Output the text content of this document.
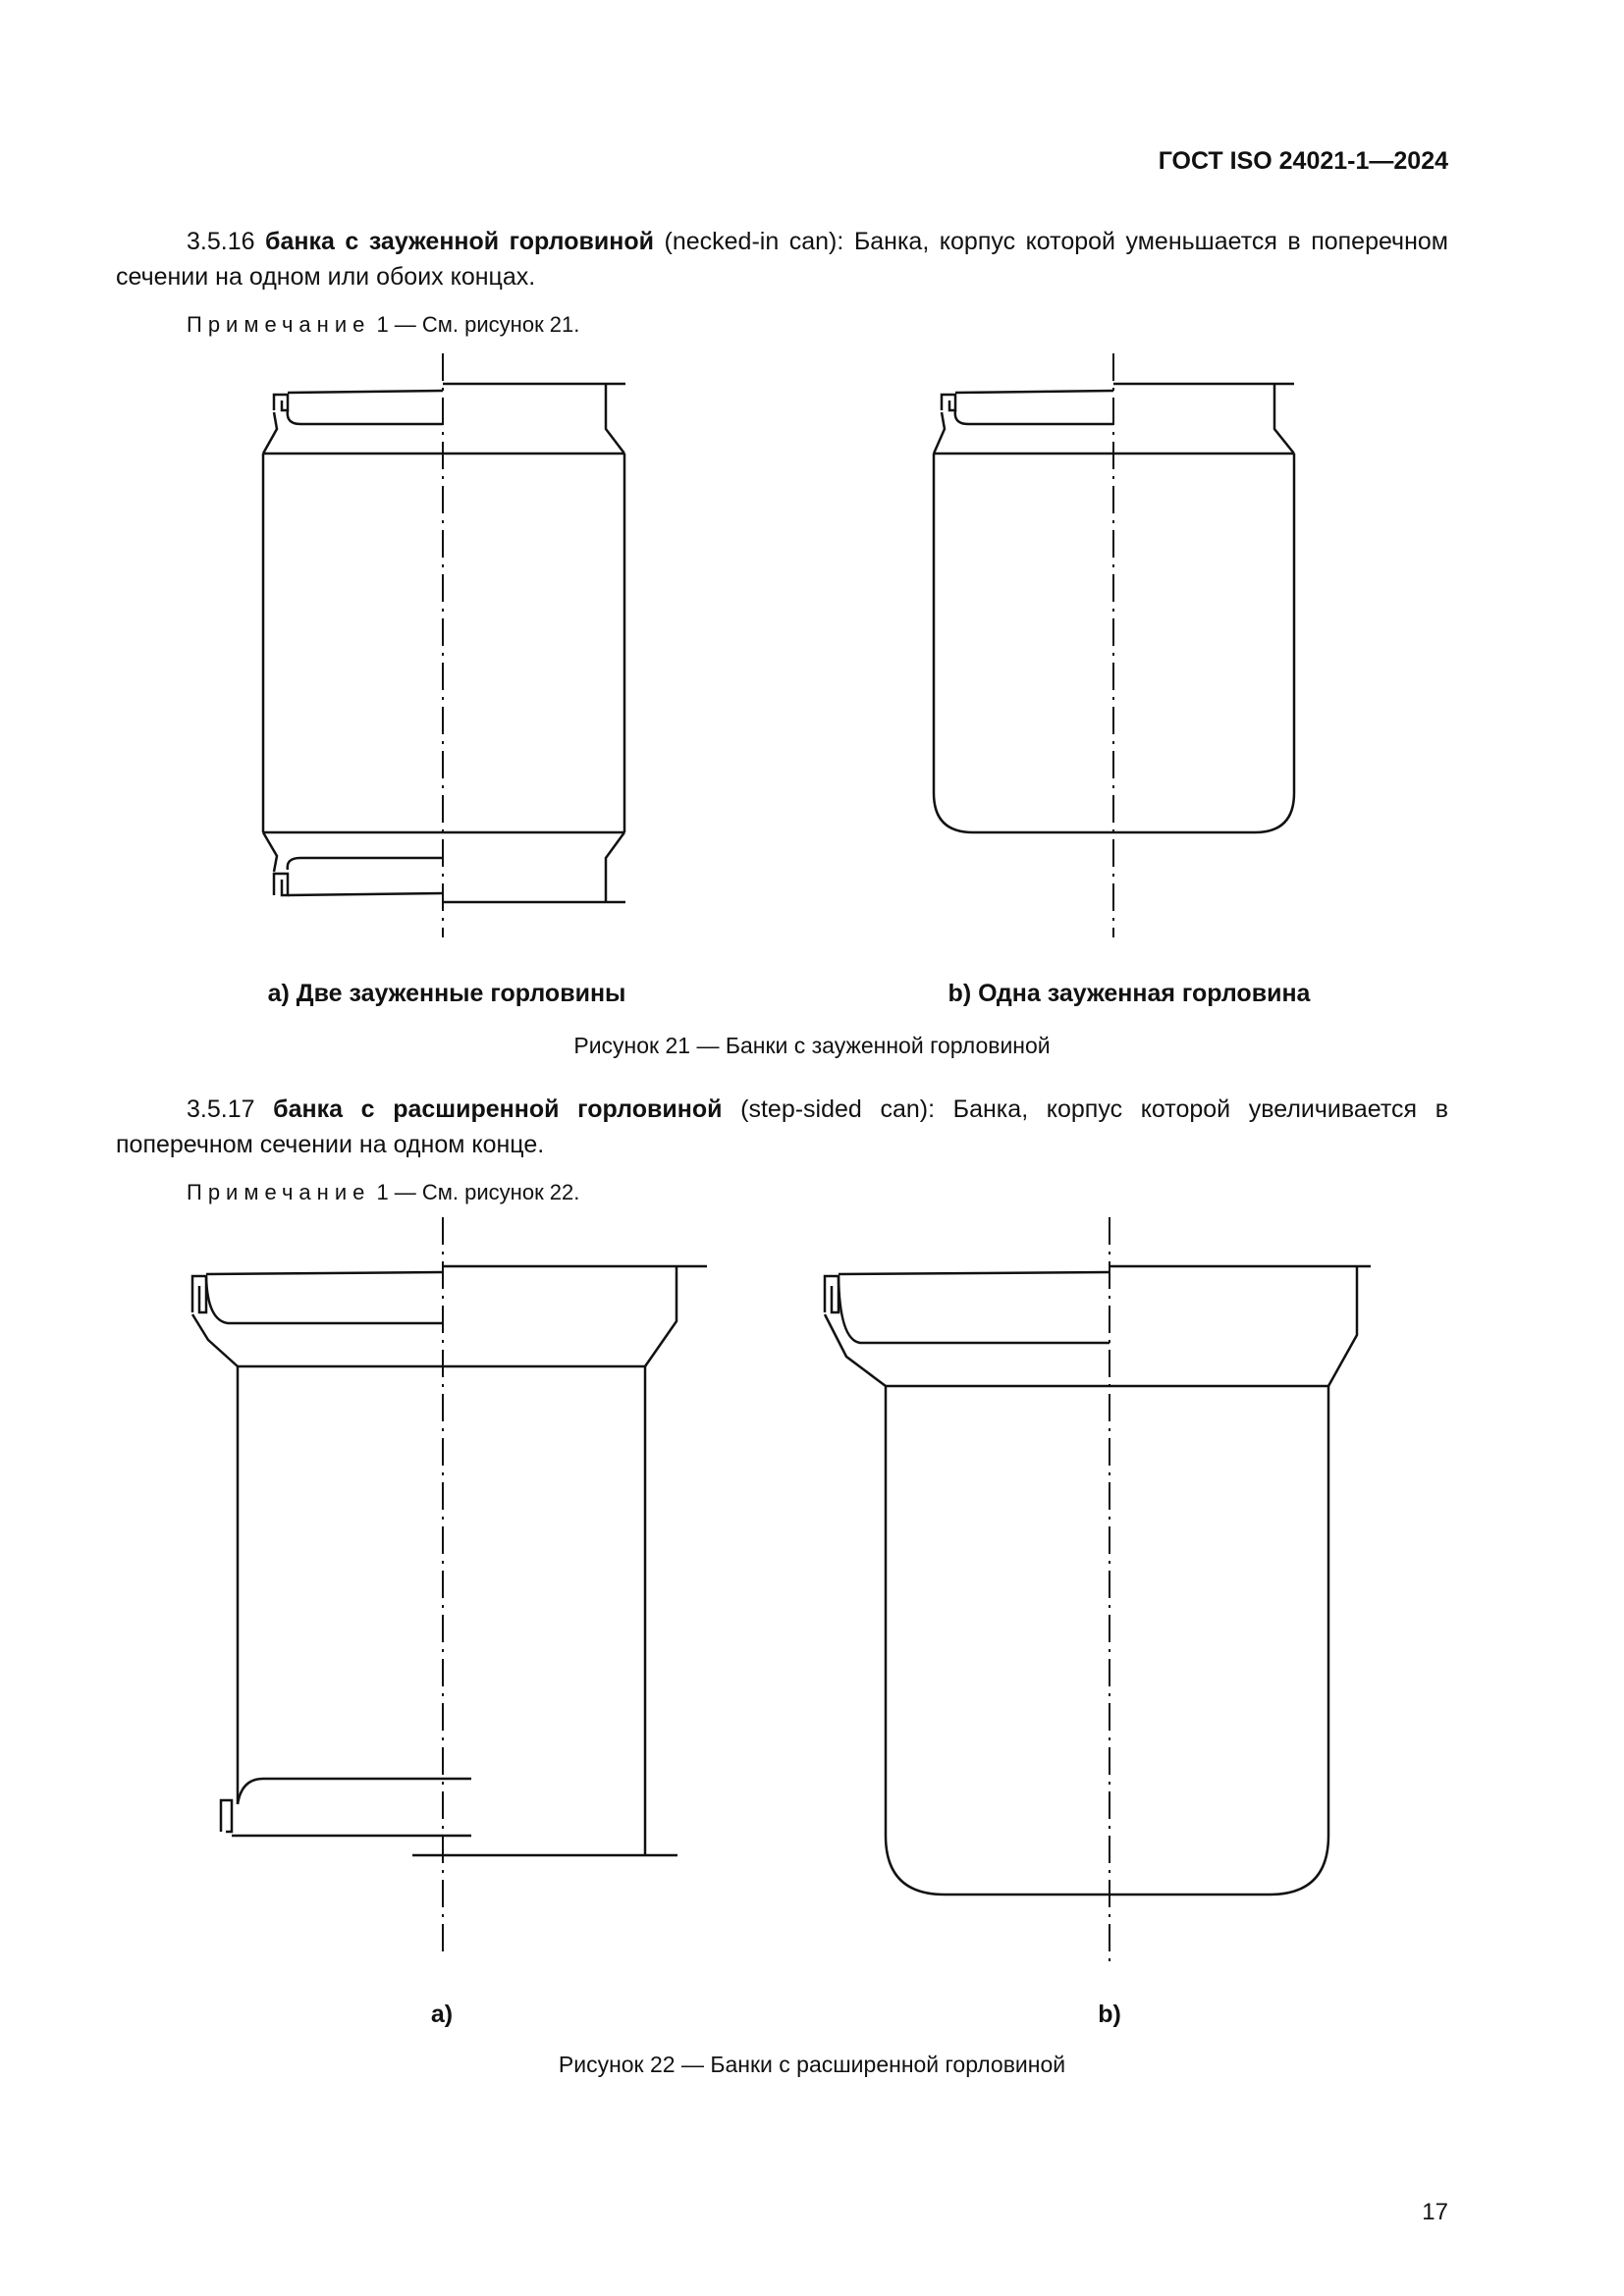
ГОСТ ISO 24021-1—2024
3.5.16 банка с зауженной горловиной (necked-in can): Банка, корпус которой уменьшается в поперечном сечении на одном или обоих концах.
Примечание 1 — См. рисунок 21.
a) Две зауженные горловины	b) Одна зауженная горловина
Рисунок 21 — Банки с зауженной горловиной
3.5.17 банка с расширенной горловиной (step-sided can): Банка, корпус которой увеличивается в поперечном сечении на одном конце.
Примечание 1 — См. рисунок 22.
a)	b)
Рисунок 22 — Банки с расширенной горловиной
17
